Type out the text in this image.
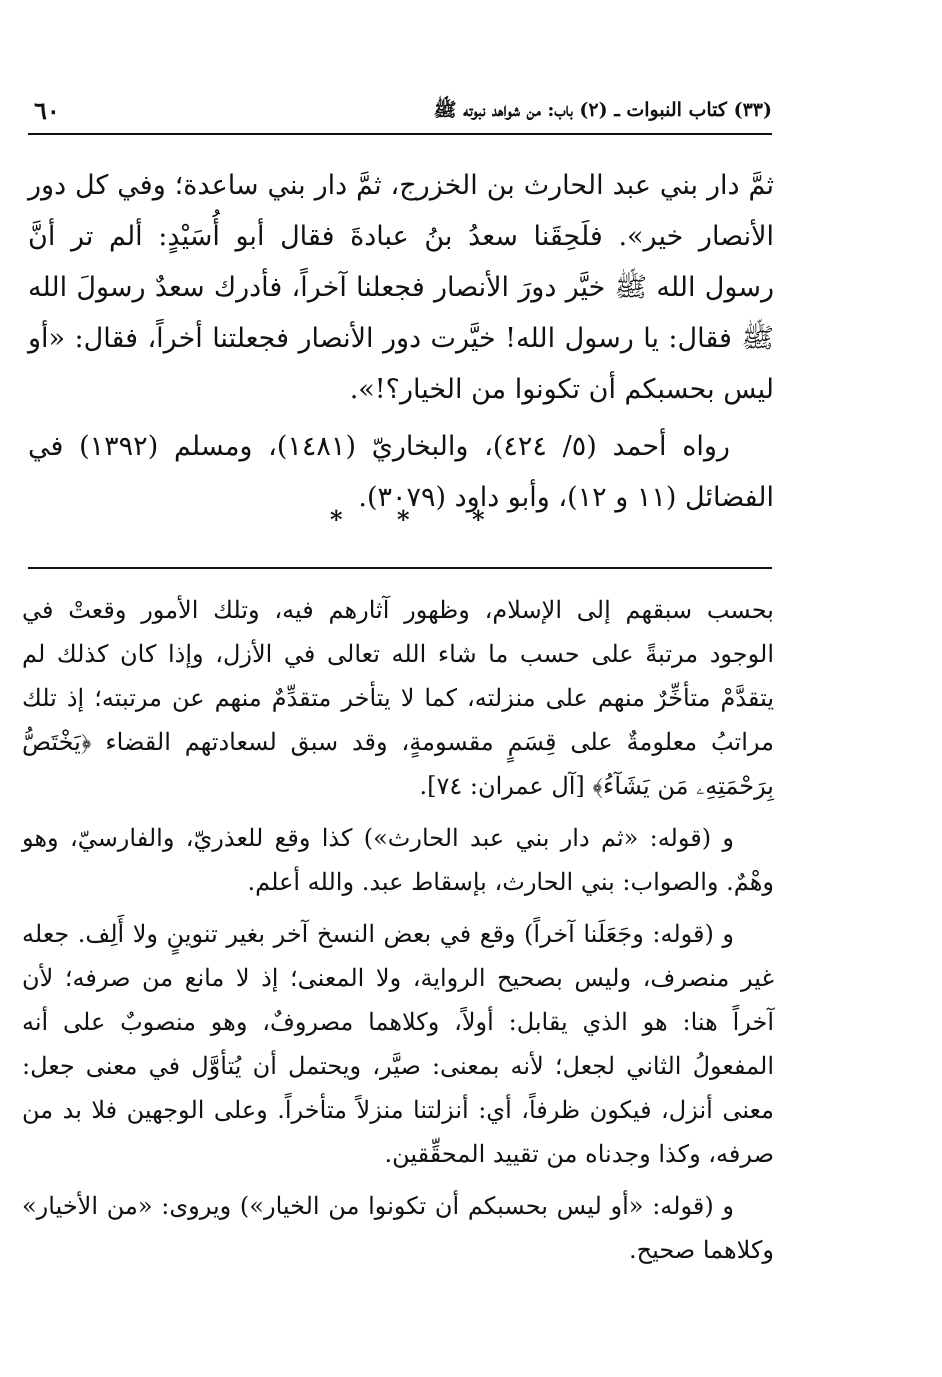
(٣٣) كتاب النبوات ـ (٢) باب: من شواهد نبوته ﷺ
٦٠

ثمَّ دار بني عبد الحارث بن الخزرج، ثمَّ دار بني ساعدة؛ وفي كل دور الأنصار خير». فلَحِقَنا سعدُ بنُ عبادةَ فقال أبو أُسَيْدٍ: ألم تر أنَّ رسول الله ﷺ خيَّر دورَ الأنصار فجعلنا آخراً، فأدرك سعدٌ رسولَ الله ﷺ فقال: يا رسول الله! خيَّرت دور الأنصار فجعلتنا أخراً، فقال: «أو ليس بحسبكم أن تكونوا من الخيار؟!».

رواه أحمد (٥/ ٤٢٤)، والبخاريّ (١٤٨١)، ومسلم (١٣٩٢) في الفضائل (١١ و ١٢)، وأبو داود (٣٠٧٩).

*
*
*

بحسب سبقهم إلى الإسلام، وظهور آثارهم فيه، وتلك الأمور وقعتْ في الوجود مرتبةً على حسب ما شاء الله تعالى في الأزل، وإذا كان كذلك لم يتقدَّمْ متأخِّرٌ منهم على منزلته، كما لا يتأخر متقدِّمٌ منهم عن مرتبته؛ إذ تلك مراتبُ معلومةٌ على قِسَمٍ مقسومةٍ، وقد سبق لسعادتهم القضاء ﴿يَخْتَصُّ بِرَحْمَتِهِۦ مَن يَشَآءُ﴾ [آل عمران: ٧٤].

و (قوله: «ثم دار بني عبد الحارث») كذا وقع للعذريّ، والفارسيّ، وهو وهْمٌ. والصواب: بني الحارث، بإسقاط عبد. والله أعلم.

و (قوله: وجَعَلَنا آخراً) وقع في بعض النسخ آخر بغير تنوينٍ ولا أَلِف. جعله غير منصرف، وليس بصحيح الرواية، ولا المعنى؛ إذ لا مانع من صرفه؛ لأن آخراً هنا: هو الذي يقابل: أولاً، وكلاهما مصروفٌ، وهو منصوبٌ على أنه المفعولُ الثاني لجعل؛ لأنه بمعنى: صيَّر، ويحتمل أن يُتأوَّل في معنى جعل: معنى أنزل، فيكون ظرفاً، أي: أنزلتنا منزلاً متأخراً. وعلى الوجهين فلا بد من صرفه، وكذا وجدناه من تقييد المحقِّقين.

و (قوله: «أو ليس بحسبكم أن تكونوا من الخيار») ويروى: «من الأخيار» وكلاهما صحيح.
